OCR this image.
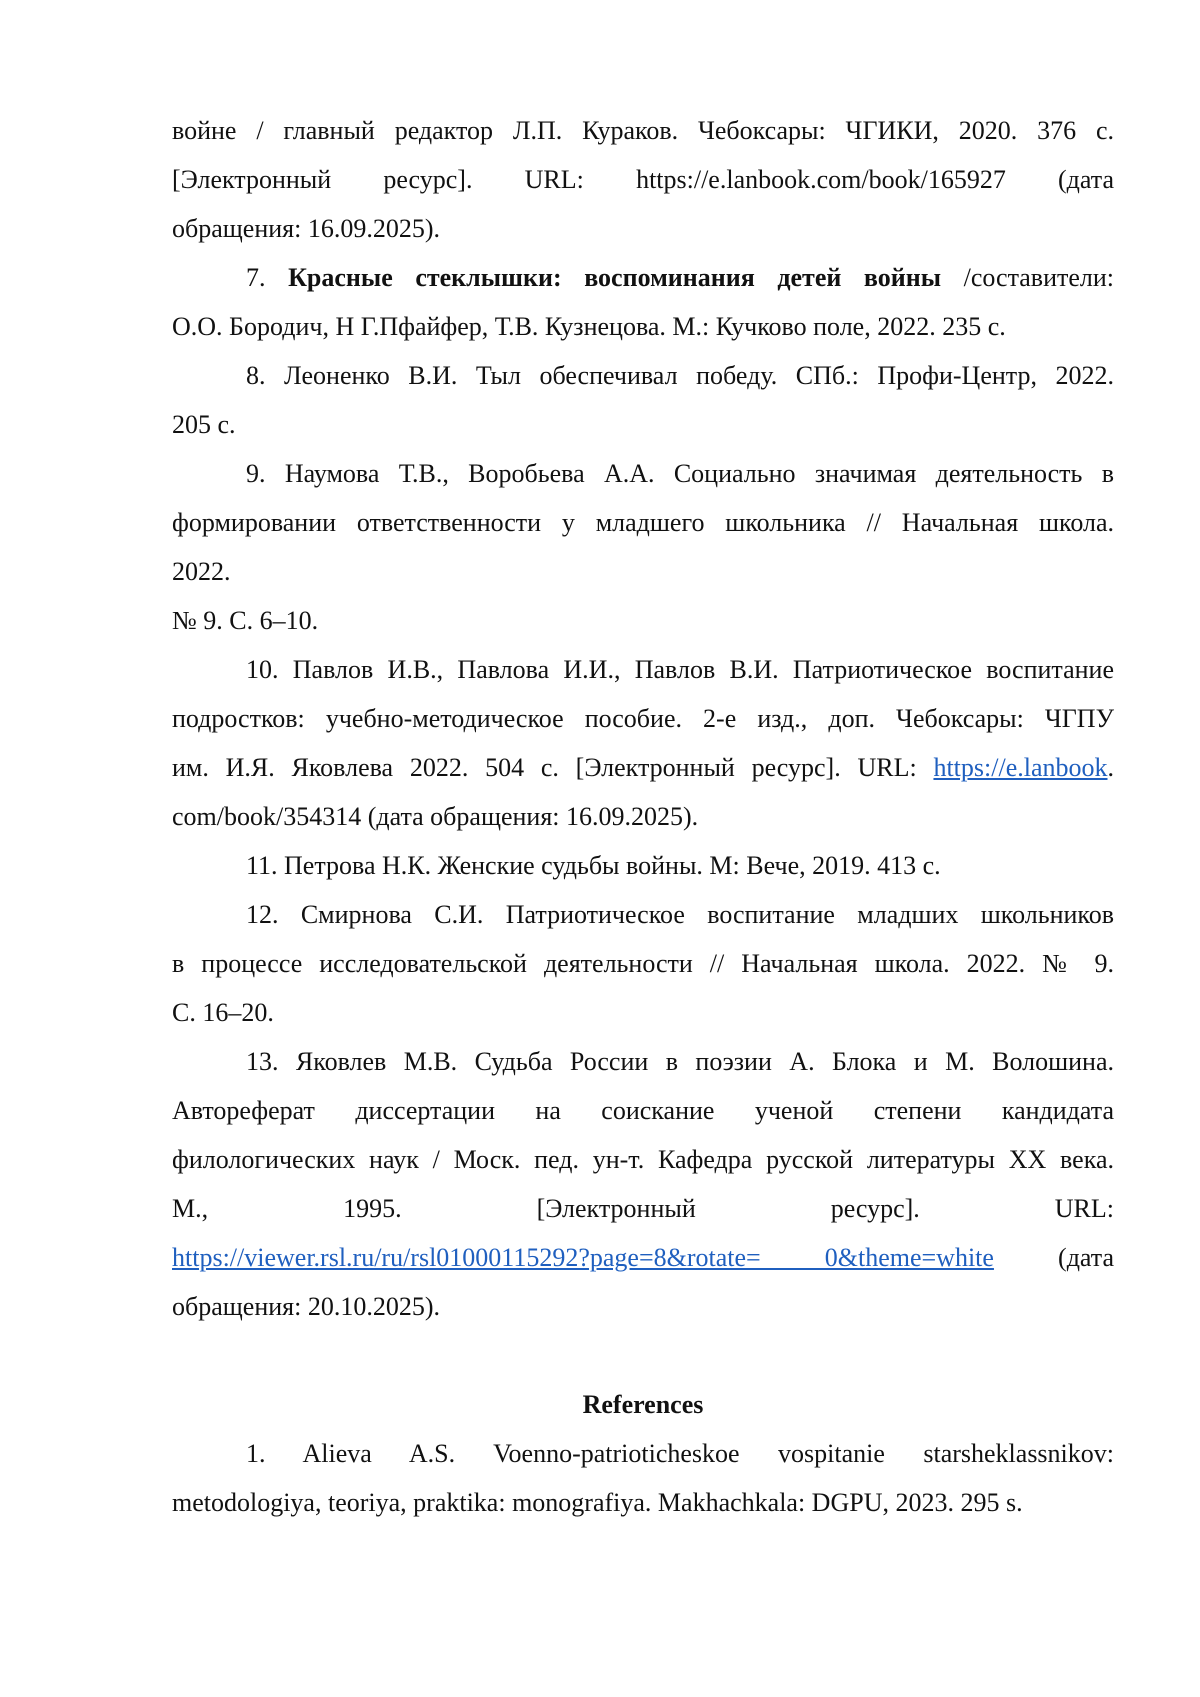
войне / главный редактор Л.П. Кураков. Чебоксары: ЧГИКИ, 2020. 376 с.
[Электронный ресурс]. URL: https://e.lanbook.com/book/165927 (дата
обращения: 16.09.2025).
7. Красные стеклышки: воспоминания детей войны /составители:
О.О. Бородич, Н Г.Пфайфер, Т.В. Кузнецова. М.: Кучково поле, 2022. 235 с.
8. Леоненко В.И. Тыл обеспечивал победу. СПб.: Профи-Центр, 2022.
205 с.
9. Наумова Т.В., Воробьева А.А. Социально значимая деятельность в
формировании ответственности у младшего школьника // Начальная школа.
2022.
№ 9. С. 6–10.
10. Павлов И.В., Павлова И.И., Павлов В.И. Патриотическое воспитание
подростков: учебно-методическое пособие. 2-е изд., доп. Чебоксары: ЧГПУ
им. И.Я. Яковлева 2022. 504 с. [Электронный ресурс]. URL: https://e.lanbook.
com/book/354314 (дата обращения: 16.09.2025).
11. Петрова Н.К. Женские судьбы войны. М: Вече, 2019. 413 с.
12. Смирнова С.И. Патриотическое воспитание младших школьников
в процессе исследовательской деятельности // Начальная школа. 2022. № 9.
С. 16–20.
13. Яковлев М.В. Судьба России в поэзии А. Блока и М. Волошина.
Автореферат диссертации на соискание ученой степени кандидата
филологических наук / Моск. пед. ун-т. Кафедра русской литературы XX века.
М., 1995. [Электронный ресурс]. URL:
https://viewer.rsl.ru/ru/rsl01000115292?page=8&rotate= 0&theme=white (дата
обращения: 20.10.2025).
References
1. Alieva A.S. Voenno-patrioticheskoe vospitanie starsheklassnikov:
metodologiya, teoriya, praktika: monografiya. Makhachkala: DGPU, 2023. 295 s.
